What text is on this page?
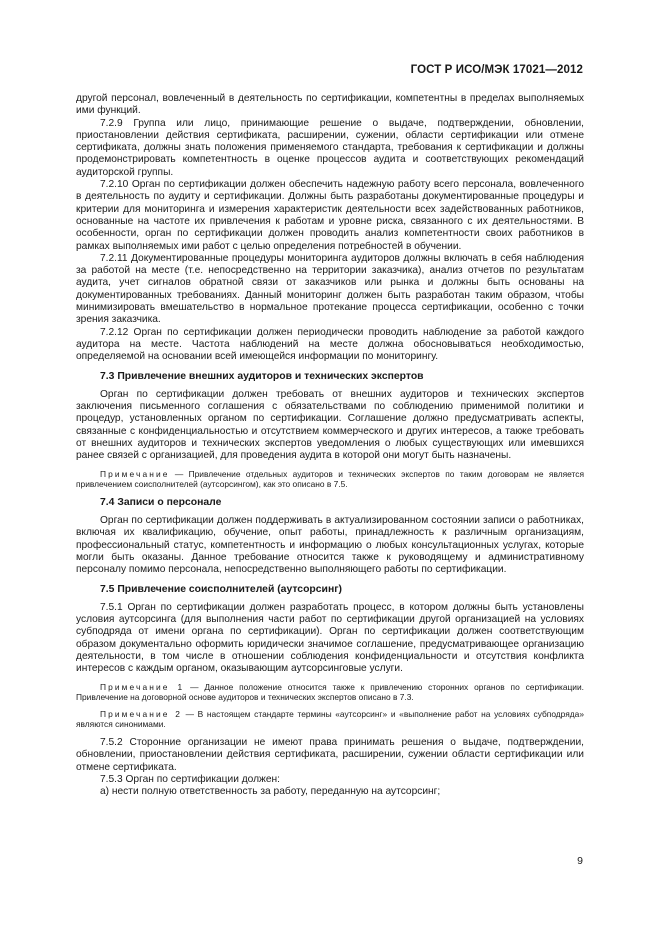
ГОСТ Р ИСО/МЭК 17021—2012

другой персонал, вовлеченный в деятельность по сертификации, компетентны в пределах выполняемых ими функций.

7.2.9 Группа или лицо, принимающие решение о выдаче, подтверждении, обновлении, приостановлении действия сертификата, расширении, сужении, области сертификации или отмене сертификата, должны знать положения применяемого стандарта, требования к сертификации и должны продемонстрировать компетентность в оценке процессов аудита и соответствующих рекомендаций аудиторской группы.

7.2.10 Орган по сертификации должен обеспечить надежную работу всего персонала, вовлеченного в деятельность по аудиту и сертификации. Должны быть разработаны документированные процедуры и критерии для мониторинга и измерения характеристик деятельности всех задействованных работников, основанные на частоте их привлечения к работам и уровне риска, связанного с их деятельностями. В особенности, орган по сертификации должен проводить анализ компетентности своих работников в рамках выполняемых ими работ с целью определения потребностей в обучении.

7.2.11 Документированные процедуры мониторинга аудиторов должны включать в себя наблюдения за работой на месте (т.е. непосредственно на территории заказчика), анализ отчетов по результатам аудита, учет сигналов обратной связи от заказчиков или рынка и должны быть основаны на документированных требованиях. Данный мониторинг должен быть разработан таким образом, чтобы минимизировать вмешательство в нормальное протекание процесса сертификации, особенно с точки зрения заказчика.

7.2.12 Орган по сертификации должен периодически проводить наблюдение за работой каждого аудитора на месте. Частота наблюдений на месте должна обосновываться необходимостью, определяемой на основании всей имеющейся информации по мониторингу.

7.3 Привлечение внешних аудиторов и технических экспертов

Орган по сертификации должен требовать от внешних аудиторов и технических экспертов заключения письменного соглашения с обязательствами по соблюдению применимой политики и процедур, установленных органом по сертификации. Соглашение должно предусматривать аспекты, связанные с конфиденциальностью и отсутствием коммерческого и других интересов, а также требовать от внешних аудиторов и технических экспертов уведомления о любых существующих или имевшихся ранее связей с организацией, для проведения аудита в которой они могут быть назначены.

Примечание — Привлечение отдельных аудиторов и технических экспертов по таким договорам не является привлечением соисполнителей (аутсорсингом), как это описано в 7.5.

7.4 Записи о персонале

Орган по сертификации должен поддерживать в актуализированном состоянии записи о работниках, включая их квалификацию, обучение, опыт работы, принадлежность к различным организациям, профессиональный статус, компетентность и информацию о любых консультационных услугах, которые могли быть оказаны. Данное требование относится также к руководящему и административному персоналу помимо персонала, непосредственно выполняющего работы по сертификации.

7.5 Привлечение соисполнителей (аутсорсинг)

7.5.1 Орган по сертификации должен разработать процесс, в котором должны быть установлены условия аутсорсинга (для выполнения части работ по сертификации другой организацией на условиях субподряда от имени органа по сертификации). Орган по сертификации должен соответствующим образом документально оформить юридически значимое соглашение, предусматривающее организацию деятельности, в том числе в отношении соблюдения конфиденциальности и отсутствия конфликта интересов с каждым органом, оказывающим аутсорсинговые услуги.

Примечание 1 — Данное положение относится также к привлечению сторонних органов по сертификации. Привлечение на договорной основе аудиторов и технических экспертов описано в 7.3.

Примечание 2 — В настоящем стандарте термины «аутсорсинг» и «выполнение работ на условиях субподряда» являются синонимами.

7.5.2 Сторонние организации не имеют права принимать решения о выдаче, подтверждении, обновлении, приостановлении действия сертификата, расширении, сужении области сертификации или отмене сертификата.

7.5.3 Орган по сертификации должен:

а) нести полную ответственность за работу, переданную на аутсорсинг;

9
